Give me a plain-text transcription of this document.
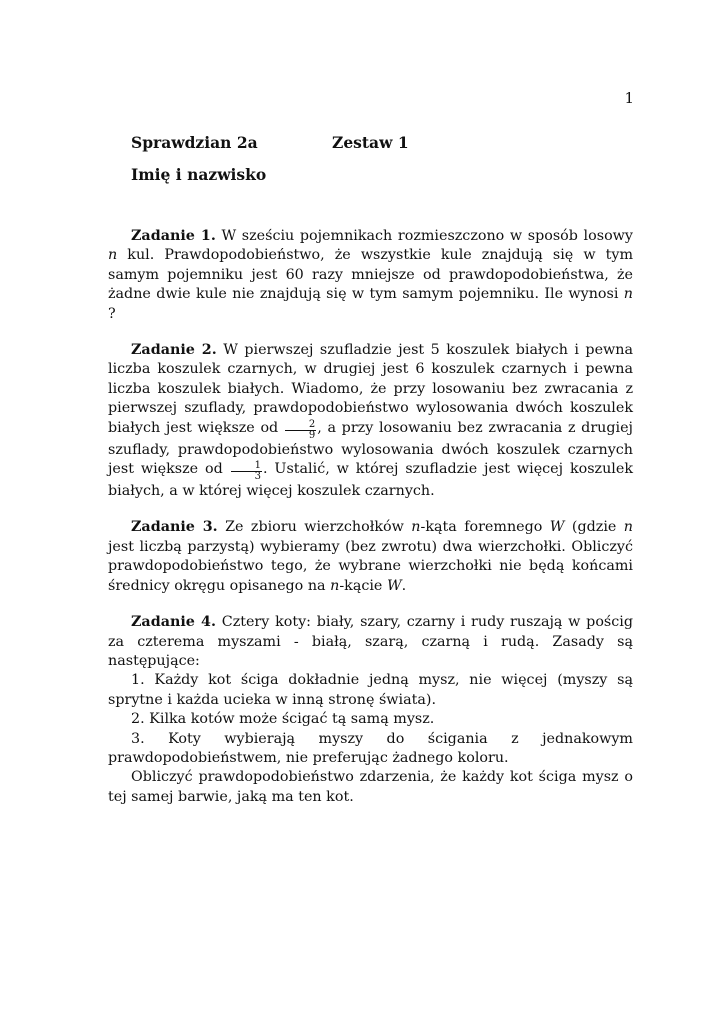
1
Sprawdzian 2a	Zestaw 1
Imię i nazwisko

Zadanie 1. W sześciu pojemnikach rozmieszczono w sposób losowy n kul. Prawdopodobieństwo, że wszystkie kule znajdują się w tym samym pojemniku jest 60 razy mniejsze od prawdopodobieństwa, że żadne dwie kule nie znajdują się w tym samym pojemniku. Ile wynosi n ?

Zadanie 2. W pierwszej szufladzie jest 5 koszulek białych i pewna liczba koszulek czarnych, w drugiej jest 6 koszulek czarnych i pewna liczba koszulek białych. Wiadomo, że przy losowaniu bez zwracania z pierwszej szuflady, prawdopodobieństwo wylosowania dwóch koszulek białych jest większe od $\frac{2}{9}$ , a przy losowaniu bez zwracania z drugiej szuflady, prawdopodobieństwo wylosowania dwóch koszulek czarnych jest większe od $\frac{1}{3}$ . Ustalić, w której szufladzie jest więcej koszulek białych, a w której więcej koszulek czarnych.

Zadanie 3. Ze zbioru wierzchołków n-kąta foremnego W (gdzie n jest liczbą parzystą) wybieramy (bez zwrotu) dwa wierzchołki. Obliczyć prawdopodobieństwo tego, że wybrane wierzchołki nie będą końcami średnicy okręgu opisanego na n-kącie W.

Zadanie 4. Cztery koty: biały, szary, czarny i rudy ruszają w pościg za czterema myszami - białą, szarą, czarną i rudą. Zasady są następujące:

1. Każdy kot ściga dokładnie jedną mysz, nie więcej (myszy są sprytne i każda ucieka w inną stronę świata).

2. Kilka kotów może ścigać tą samą mysz.

3. Koty wybierają myszy do ścigania z jednakowym prawdopodobieństwem, nie preferując żadnego koloru.

Obliczyć prawdopodobieństwo zdarzenia, że każdy kot ściga mysz o tej samej barwie, jaką ma ten kot.
